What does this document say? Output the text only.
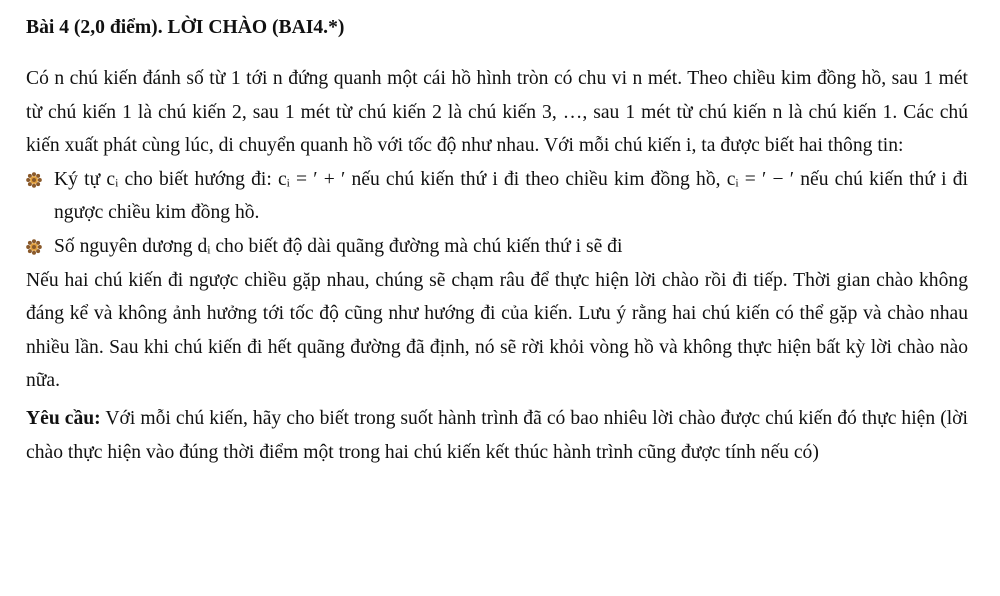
Bài 4 (2,0 điểm). LỜI CHÀO (BAI4.*)

Có n chú kiến đánh số từ 1 tới n đứng quanh một cái hồ hình tròn có chu vi n mét. Theo chiều kim đồng hồ, sau 1 mét từ chú kiến 1 là chú kiến 2, sau 1 mét từ chú kiến 2 là chú kiến 3, …, sau 1 mét từ chú kiến n là chú kiến 1. Các chú kiến xuất phát cùng lúc, di chuyển quanh hồ với tốc độ như nhau. Với mỗi chú kiến i, ta được biết hai thông tin:

Ký tự cᵢ cho biết hướng đi: cᵢ = ′ + ′ nếu chú kiến thứ i đi theo chiều kim đồng hồ, cᵢ = ′ − ′ nếu chú kiến thứ i đi ngược chiều kim đồng hồ.
Số nguyên dương dᵢ cho biết độ dài quãng đường mà chú kiến thứ i sẽ đi

Nếu hai chú kiến đi ngược chiều gặp nhau, chúng sẽ chạm râu để thực hiện lời chào rồi đi tiếp. Thời gian chào không đáng kể và không ảnh hưởng tới tốc độ cũng như hướng đi của kiến. Lưu ý rằng hai chú kiến có thể gặp và chào nhau nhiều lần. Sau khi chú kiến đi hết quãng đường đã định, nó sẽ rời khỏi vòng hồ và không thực hiện bất kỳ lời chào nào nữa.

Yêu cầu: Với mỗi chú kiến, hãy cho biết trong suốt hành trình đã có bao nhiêu lời chào được chú kiến đó thực hiện (lời chào thực hiện vào đúng thời điểm một trong hai chú kiến kết thúc hành trình cũng được tính nếu có)
